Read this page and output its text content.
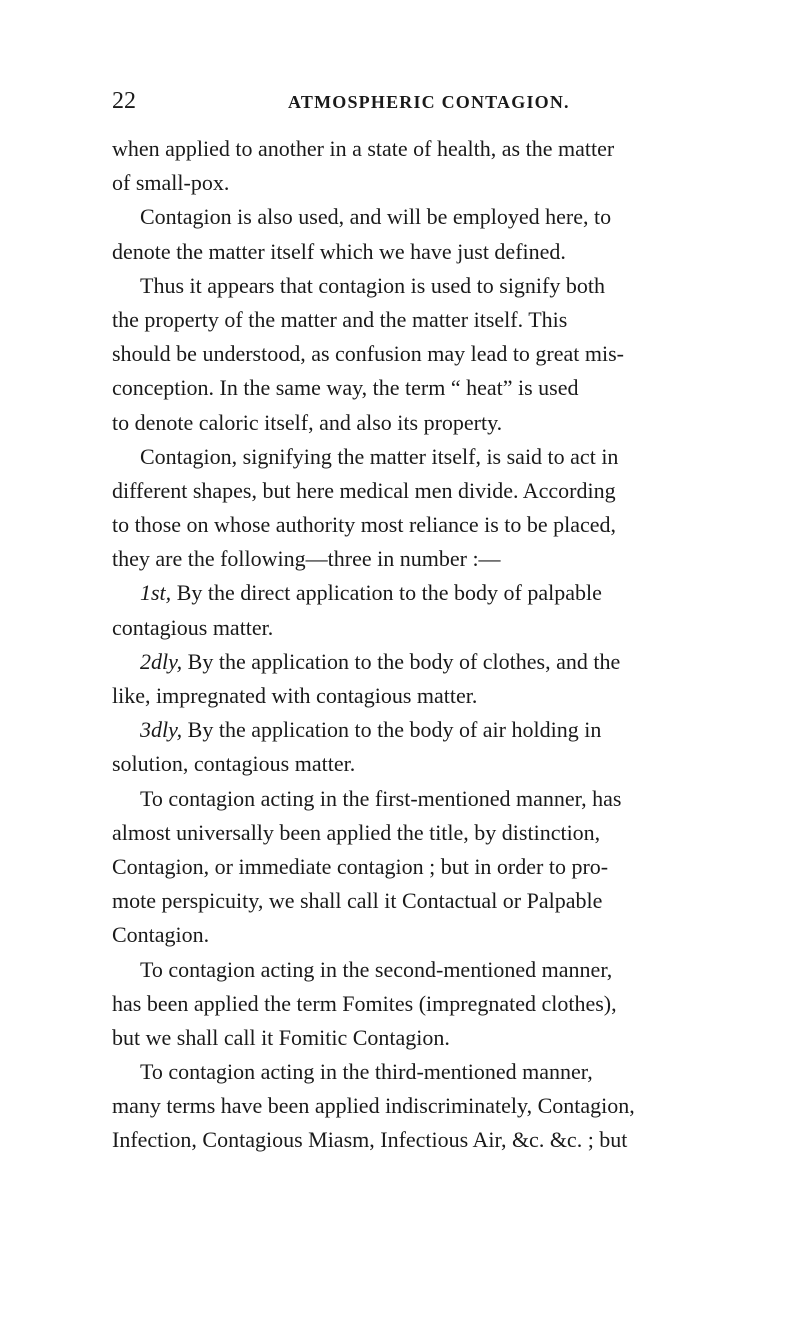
22	ATMOSPHERIC CONTAGION.
when applied to another in a state of health, as the matter
of small-pox.
Contagion is also used, and will be employed here, to
denote the matter itself which we have just defined.
Thus it appears that contagion is used to signify both
the property of the matter and the matter itself. This
should be understood, as confusion may lead to great mis-
conception. In the same way, the term “ heat” is used
to denote caloric itself, and also its property.
Contagion, signifying the matter itself, is said to act in
different shapes, but here medical men divide. According
to those on whose authority most reliance is to be placed,
they are the following—three in number :—
1st, By the direct application to the body of palpable
contagious matter.
2dly, By the application to the body of clothes, and the
like, impregnated with contagious matter.
3dly, By the application to the body of air holding in
solution, contagious matter.
To contagion acting in the first-mentioned manner, has
almost universally been applied the title, by distinction,
Contagion, or immediate contagion ; but in order to pro-
mote perspicuity, we shall call it Contactual or Palpable
Contagion.
To contagion acting in the second-mentioned manner,
has been applied the term Fomites (impregnated clothes),
but we shall call it Fomitic Contagion.
To contagion acting in the third-mentioned manner,
many terms have been applied indiscriminately, Contagion,
Infection, Contagious Miasm, Infectious Air, &c. &c. ; but
